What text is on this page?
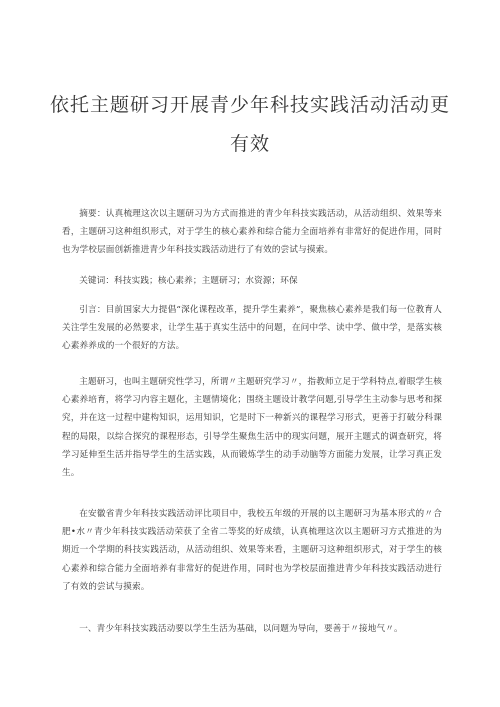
依托主题研习开展青少年科技实践活动活动更
有效

摘要：认真梳理这次以主题研习为方式而推进的青少年科技实践活动，从活动组织、效果等来看，主题研习这种组织形式，对于学生的核心素养和综合能力全面培养有非常好的促进作用，同时也为学校层面创新推进青少年科技实践活动进行了有效的尝试与摸索。

关键词：科技实践；核心素养；主题研习；水资源；环保

引言：目前国家大力提倡“深化课程改革，提升学生素养”，聚焦核心素养是我们每一位教育人关注学生发展的必然要求，让学生基于真实生活中的问题，在问中学、读中学、做中学，是落实核心素养养成的一个很好的方法。

主题研习，也叫主题研究性学习，所谓〃主题研究学习〃，指教师立足于学科特点,着眼学生核心素养培育，将学习内容主题化，主题情境化；围绕主题设计教学问题,引导学生主动参与思考和探究，并在这一过程中建构知识，运用知识，它是时下一种新兴的课程学习形式，更善于打破分科课程的局限，以综合探究的课程形态，引导学生聚焦生活中的现实问题，展开主题式的调查研究，将学习延伸至生活并指导学生的生活实践，从而锻炼学生的动手动脑等方面能力发展，让学习真正发生。

在安徽省青少年科技实践活动评比项目中，我校五年级的开展的以主题研习为基本形式的〃合肥•水〃青少年科技实践活动荣获了全省二等奖的好成绩，认真梳理这次以主题研习方式推进的为期近一个学期的科技实践活动，从活动组织、效果等来看，主题研习这种组织形式，对于学生的核心素养和综合能力全面培养有非常好的促进作用，同时也为学校层面推进青少年科技实践活动进行了有效的尝试与摸索。

一、青少年科技实践活动要以学生生活为基础，以问题为导向，要善于〃接地气〃。
